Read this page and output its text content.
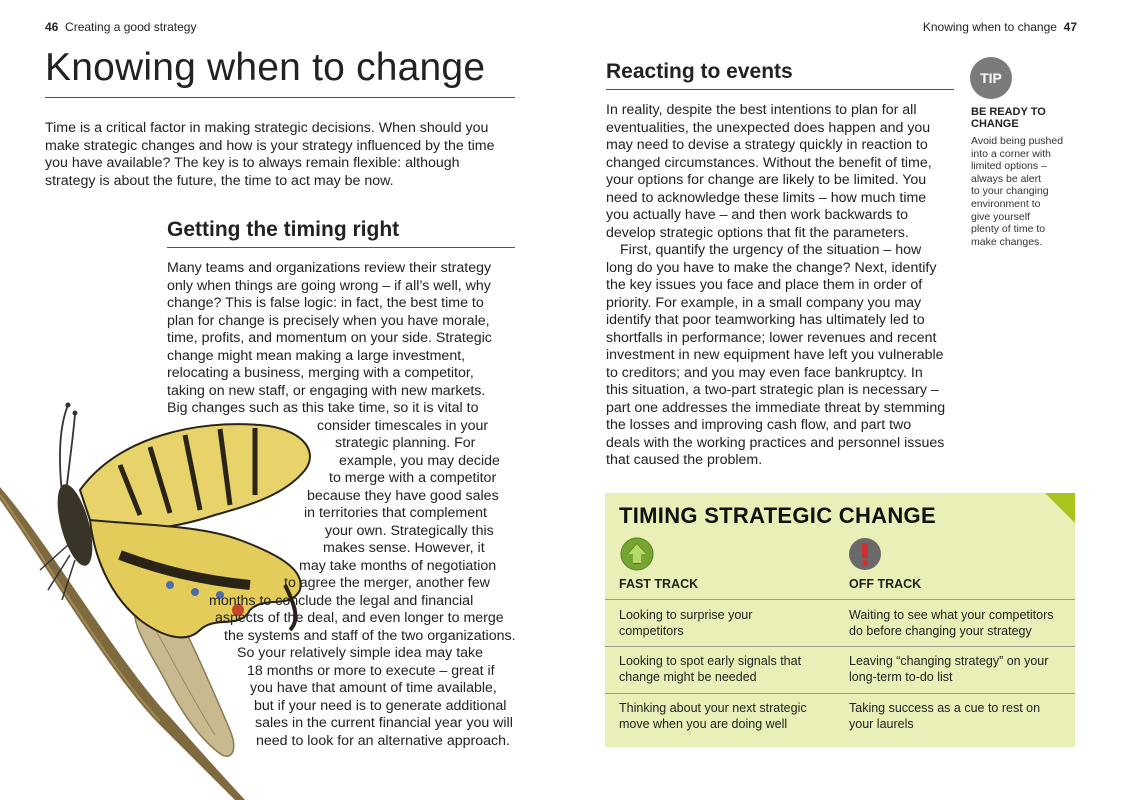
46 Creating a good strategy	Knowing when to change 47
Knowing when to change
Time is a critical factor in making strategic decisions. When should you
make strategic changes and how is your strategy influenced by the time
you have available? The key is to always remain flexible: although
strategy is about the future, the time to act may be now.
Getting the timing right
Many teams and organizations review their strategy
only when things are going wrong – if all’s well, why
change? This is false logic: in fact, the best time to
plan for change is precisely when you have morale,
time, profits, and momentum on your side. Strategic
change might mean making a large investment,
relocating a business, merging with a competitor,
taking on new staff, or engaging with new markets.
Big changes such as this take time, so it is vital to
consider timescales in your
strategic planning. For
example, you may decide
to merge with a competitor
because they have good sales
in territories that complement
your own. Strategically this
makes sense. However, it
may take months of negotiation
to agree the merger, another few
months to conclude the legal and financial
aspects of the deal, and even longer to merge
the systems and staff of the two organizations.
So your relatively simple idea may take
18 months or more to execute – great if
you have that amount of time available,
but if your need is to generate additional
sales in the current financial year you will
need to look for an alternative approach.
Reacting to events
In reality, despite the best intentions to plan for all
eventualities, the unexpected does happen and you
may need to devise a strategy quickly in reaction to
changed circumstances. Without the benefit of time,
your options for change are likely to be limited. You
need to acknowledge these limits – how much time
you actually have – and then work backwards to
develop strategic options that fit the parameters.
First, quantify the urgency of the situation – how
long do you have to make the change? Next, identify
the key issues you face and place them in order of
priority. For example, in a small company you may
identify that poor teamworking has ultimately led to
shortfalls in performance; lower revenues and recent
investment in new equipment have left you vulnerable
to creditors; and you may even face bankruptcy. In
this situation, a two-part strategic plan is necessary –
part one addresses the immediate threat by stemming
the losses and improving cash flow, and part two
deals with the working practices and personnel issues
that caused the problem.
TIP
BE READY TO
CHANGE
Avoid being pushed
into a corner with
limited options –
always be alert
to your changing
environment to
give yourself
plenty of time to
make changes.
TIMING STRATEGIC CHANGE
FAST TRACK	OFF TRACK
Looking to surprise your
competitors
Waiting to see what your competitors
do before changing your strategy
Looking to spot early signals that
change might be needed
Leaving “changing strategy” on your
long-term to-do list
Thinking about your next strategic
move when you are doing well
Taking success as a cue to rest on
your laurels
